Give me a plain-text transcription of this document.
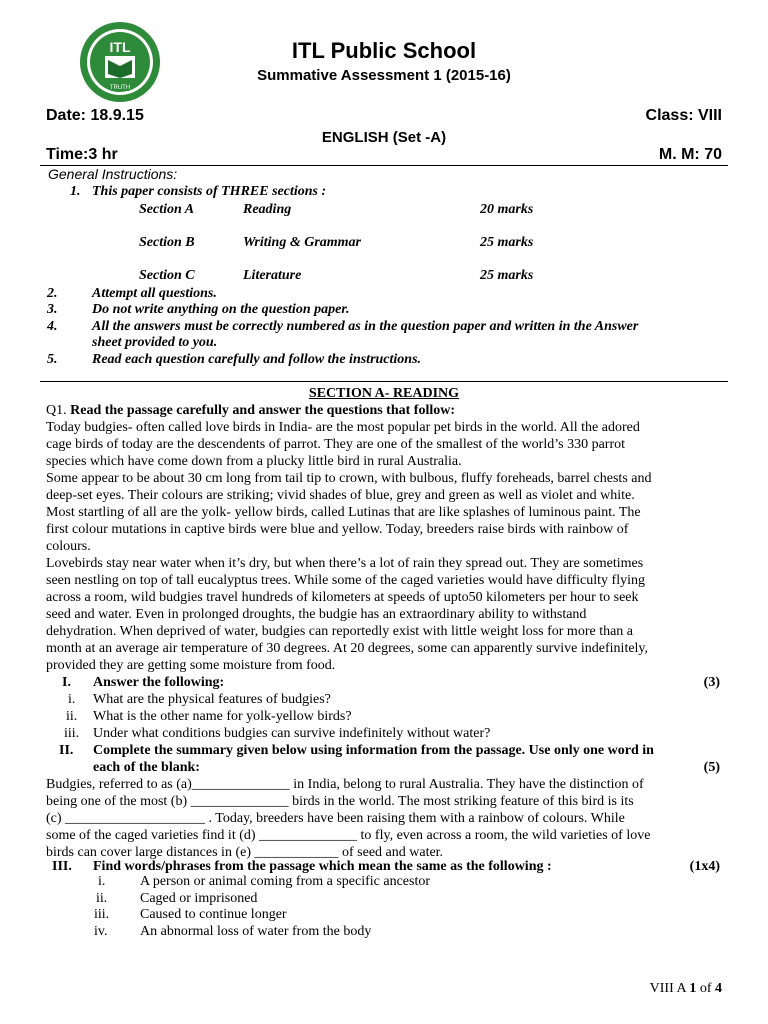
ITL
TRUTH
ITL Public School
Summative Assessment 1 (2015-16)
Date: 18.9.15	Class: VIII
ENGLISH (Set -A)
Time:3 hr	M. M: 70
General Instructions:
1. This paper consists of THREE sections :
Section A	Reading	20 marks
Section B	Writing & Grammar	25 marks
Section C	Literature	25 marks
2. Attempt all questions.
3. Do not write anything on the question paper.
4. All the answers must be correctly numbered as in the question paper and written in the Answer
sheet provided to you.
5. Read each question carefully and follow the instructions.
SECTION A- READING
Q1. Read the passage carefully and answer the questions that follow:
Today budgies- often called love birds in India- are the most popular pet birds in the world. All the adored
cage birds of today are the descendents of parrot. They are one of the smallest of the world’s 330 parrot
species which have come down from a plucky little bird in rural Australia.
Some appear to be about 30 cm long from tail tip to crown, with bulbous, fluffy foreheads, barrel chests and
deep-set eyes. Their colours are striking; vivid shades of blue, grey and green as well as violet and white.
Most startling of all are the yolk- yellow birds, called Lutinas that are like splashes of luminous paint. The
first colour mutations in captive birds were blue and yellow. Today, breeders raise birds with rainbow of
colours.
Lovebirds stay near water when it’s dry, but when there’s a lot of rain they spread out. They are sometimes
seen nestling on top of tall eucalyptus trees. While some of the caged varieties would have difficulty flying
across a room, wild budgies travel hundreds of kilometers at speeds of upto50 kilometers per hour to seek
seed and water. Even in prolonged droughts, the budgie has an extraordinary ability to withstand
dehydration. When deprived of water, budgies can reportedly exist with little weight loss for more than a
month at an average air temperature of 30 degrees. At 20 degrees, some can apparently survive indefinitely,
provided they are getting some moisture from food.
I. Answer the following:	(3)
i. What are the physical features of budgies?
ii. What is the other name for yolk-yellow birds?
iii. Under what conditions budgies can survive indefinitely without water?
II. Complete the summary given below using information from the passage. Use only one word in
each of the blank:	(5)
Budgies, referred to as (a)______________ in India, belong to rural Australia. They have the distinction of
being one of the most (b) ______________ birds in the world. The most striking feature of this bird is its
(c) ____________________ . Today, breeders have been raising them with a rainbow of colours. While
some of the caged varieties find it (d) ______________ to fly, even across a room, the wild varieties of love
birds can cover large distances in (e) ____________ of seed and water.
III. Find words/phrases from the passage which mean the same as the following :	(1x4)
i. A person or animal coming from a specific ancestor
ii. Caged or imprisoned
iii. Caused to continue longer
iv. An abnormal loss of water from the body
VIII A 1 of 4
